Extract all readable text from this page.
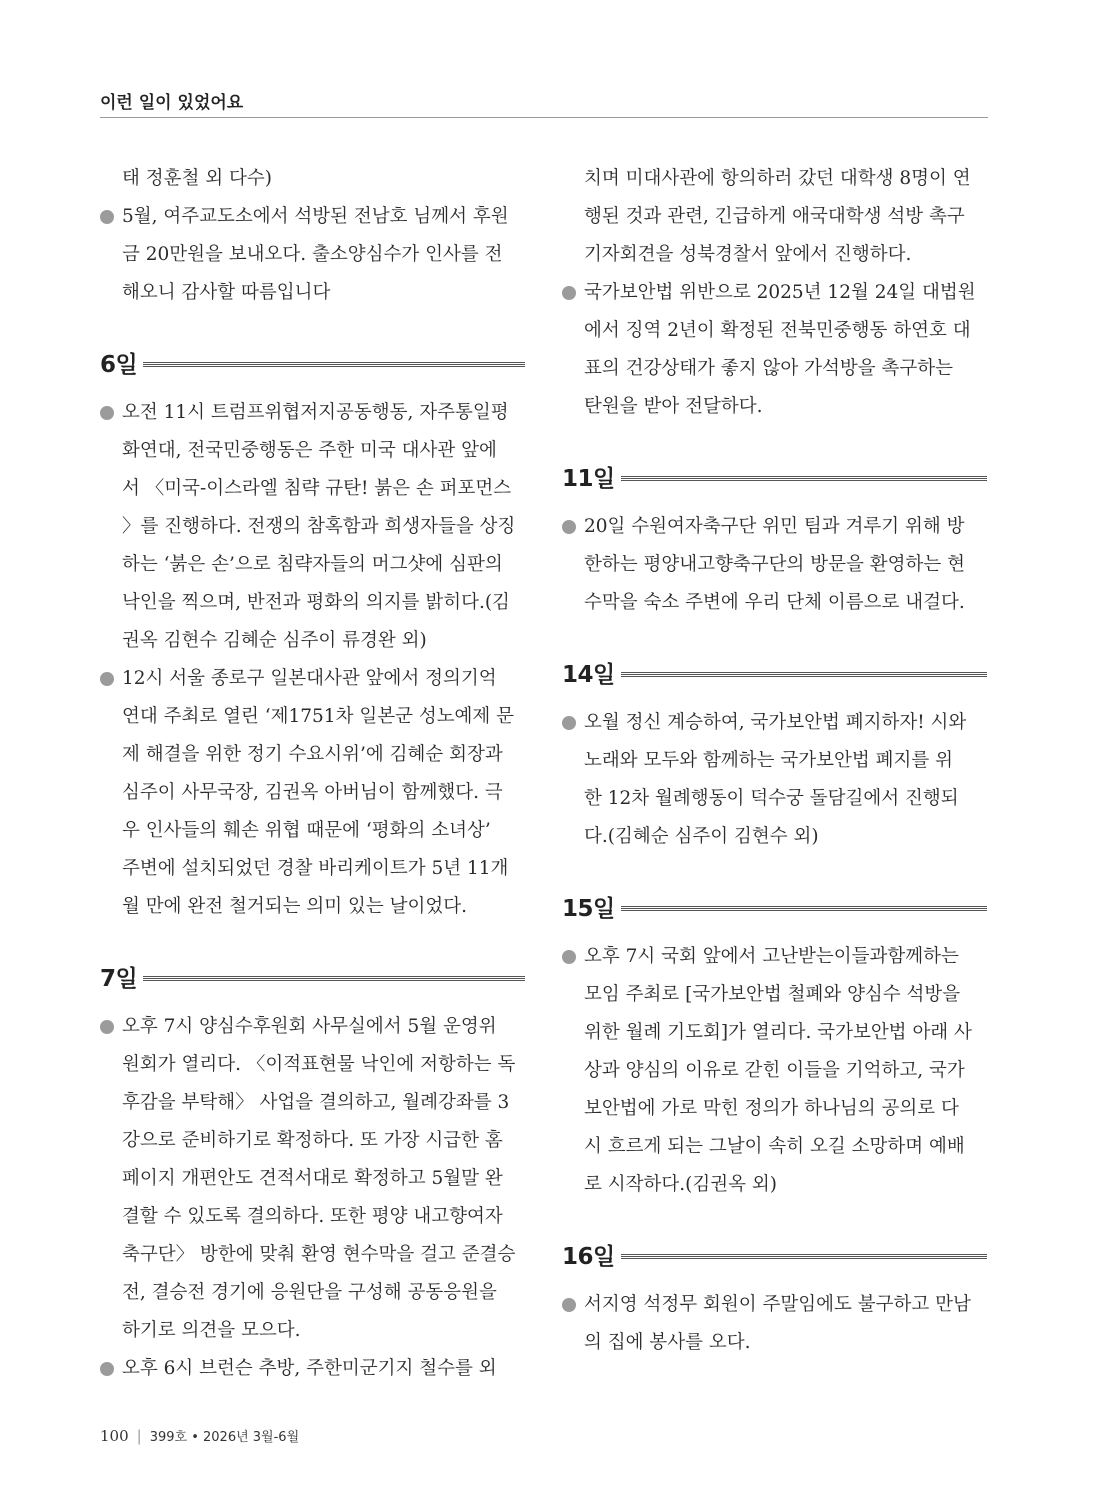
이런 일이 있었어요
태 정훈철 외 다수)
5월, 여주교도소에서 석방된 전남호 님께서 후원
금 20만원을 보내오다. 출소양심수가 인사를 전
해오니 감사할 따름입니다
6일
오전 11시 트럼프위협저지공동행동, 자주통일평
화연대, 전국민중행동은 주한 미국 대사관 앞에
서 〈미국-이스라엘 침략 규탄! 붉은 손 퍼포먼스
〉를 진행하다. 전쟁의 참혹함과 희생자들을 상징
하는 ‘붉은 손’으로 침략자들의 머그샷에 심판의
낙인을 찍으며, 반전과 평화의 의지를 밝히다.(김
권옥 김현수 김혜순 심주이 류경완 외)
12시 서울 종로구 일본대사관 앞에서 정의기억
연대 주최로 열린 ‘제1751차 일본군 성노예제 문
제 해결을 위한 정기 수요시위’에 김혜순 회장과
심주이 사무국장, 김권옥 아버님이 함께했다. 극
우 인사들의 훼손 위협 때문에 ‘평화의 소녀상’
주변에 설치되었던 경찰 바리케이트가 5년 11개
월 만에 완전 철거되는 의미 있는 날이었다.
7일
오후 7시 양심수후원회 사무실에서 5월 운영위
원회가 열리다. 〈이적표현물 낙인에 저항하는 독
후감을 부탁해〉 사업을 결의하고, 월례강좌를 3
강으로 준비하기로 확정하다. 또 가장 시급한 홈
페이지 개편안도 견적서대로 확정하고 5월말 완
결할 수 있도록 결의하다. 또한 평양 내고향여자
축구단〉 방한에 맞춰 환영 현수막을 걸고 준결승
전, 결승전 경기에 응원단을 구성해 공동응원을
하기로 의견을 모으다.
오후 6시 브런슨 추방, 주한미군기지 철수를 외
치며 미대사관에 항의하러 갔던 대학생 8명이 연
행된 것과 관련, 긴급하게 애국대학생 석방 촉구
기자회견을 성북경찰서 앞에서 진행하다.
국가보안법 위반으로 2025년 12월 24일 대법원
에서 징역 2년이 확정된 전북민중행동 하연호 대
표의 건강상태가 좋지 않아 가석방을 촉구하는
탄원을 받아 전달하다.
11일
20일 수원여자축구단 위민 팀과 겨루기 위해 방
한하는 평양내고향축구단의 방문을 환영하는 현
수막을 숙소 주변에 우리 단체 이름으로 내걸다.
14일
오월 정신 계승하여, 국가보안법 폐지하자! 시와
노래와 모두와 함께하는 국가보안법 폐지를 위
한 12차 월례행동이 덕수궁 돌담길에서 진행되
다.(김혜순 심주이 김현수 외)
15일
오후 7시 국회 앞에서 고난받는이들과함께하는
모임 주최로 [국가보안법 철폐와 양심수 석방을
위한 월례 기도회]가 열리다. 국가보안법 아래 사
상과 양심의 이유로 갇힌 이들을 기억하고, 국가
보안법에 가로 막힌 정의가 하나님의 공의로 다
시 흐르게 되는 그날이 속히 오길 소망하며 예배
로 시작하다.(김권옥 외)
16일
서지영 석정무 회원이 주말임에도 불구하고 만남
의 집에 봉사를 오다.
100 | 399호 • 2026년 3월-6월
